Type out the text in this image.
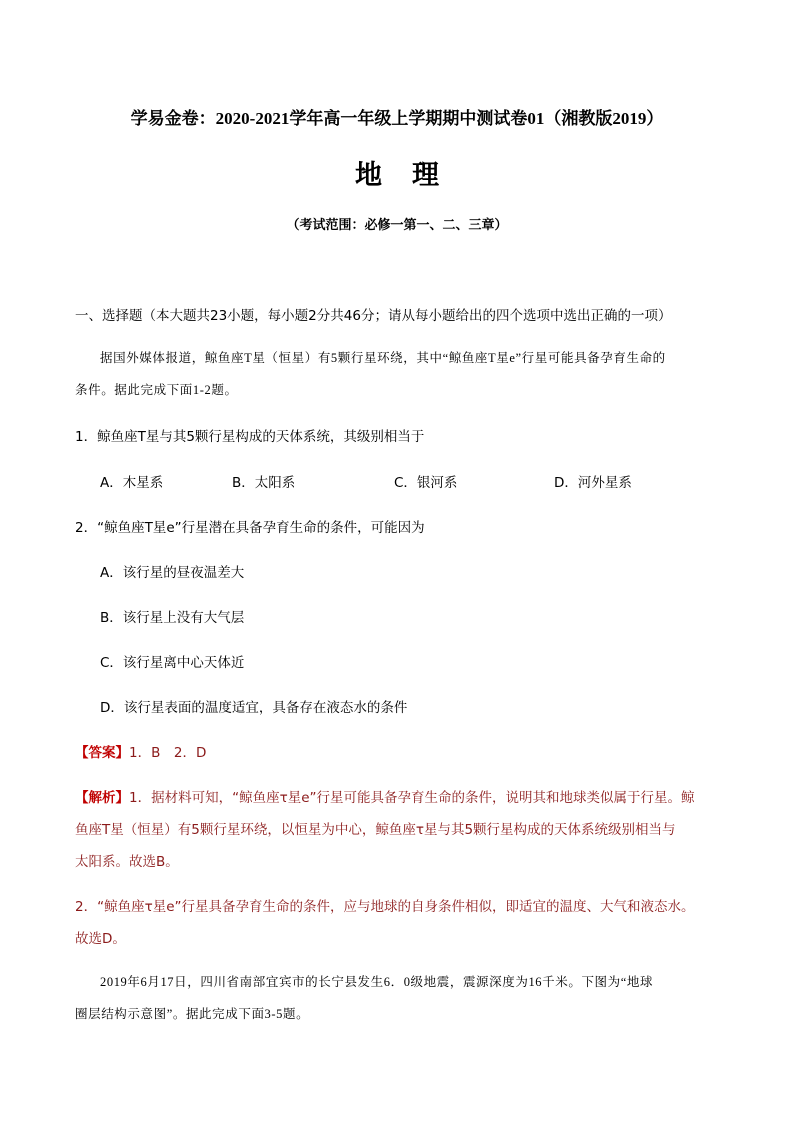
学易金卷：2020-2021学年高一年级上学期期中测试卷01（湘教版2019）
地 理
（考试范围：必修一第一、二、三章）
一、选择题（本大题共23小题，每小题2分共46分；请从每小题给出的四个选项中选出正确的一项）
据国外媒体报道，鲸鱼座T星（恒星）有5颗行星环绕，其中“鲸鱼座T星e”行星可能具备孕育生命的
条件。据此完成下面1-2题。
1．鲸鱼座T星与其5颗行星构成的天体系统，其级别相当于
A．木星系	B．太阳系	C．银河系	D．河外星系
2．“鲸鱼座T星e”行星潜在具备孕育生命的条件，可能因为
A．该行星的昼夜温差大
B．该行星上没有大气层
C．该行星离中心天体近
D．该行星表面的温度适宜，具备存在液态水的条件
【答案】1．B　2．D
【解析】1．据材料可知，“鲸鱼座τ星e”行星可能具备孕育生命的条件，说明其和地球类似属于行星。鲸
鱼座T星（恒星）有5颗行星环绕，以恒星为中心，鲸鱼座τ星与其5颗行星构成的天体系统级别相当与
太阳系。故选B。
2．“鲸鱼座τ星e”行星具备孕育生命的条件，应与地球的自身条件相似，即适宜的温度、大气和液态水。
故选D。
2019年6月17日，四川省南部宜宾市的长宁县发生6．0级地震，震源深度为16千米。下图为“地球
圈层结构示意图”。据此完成下面3-5题。
